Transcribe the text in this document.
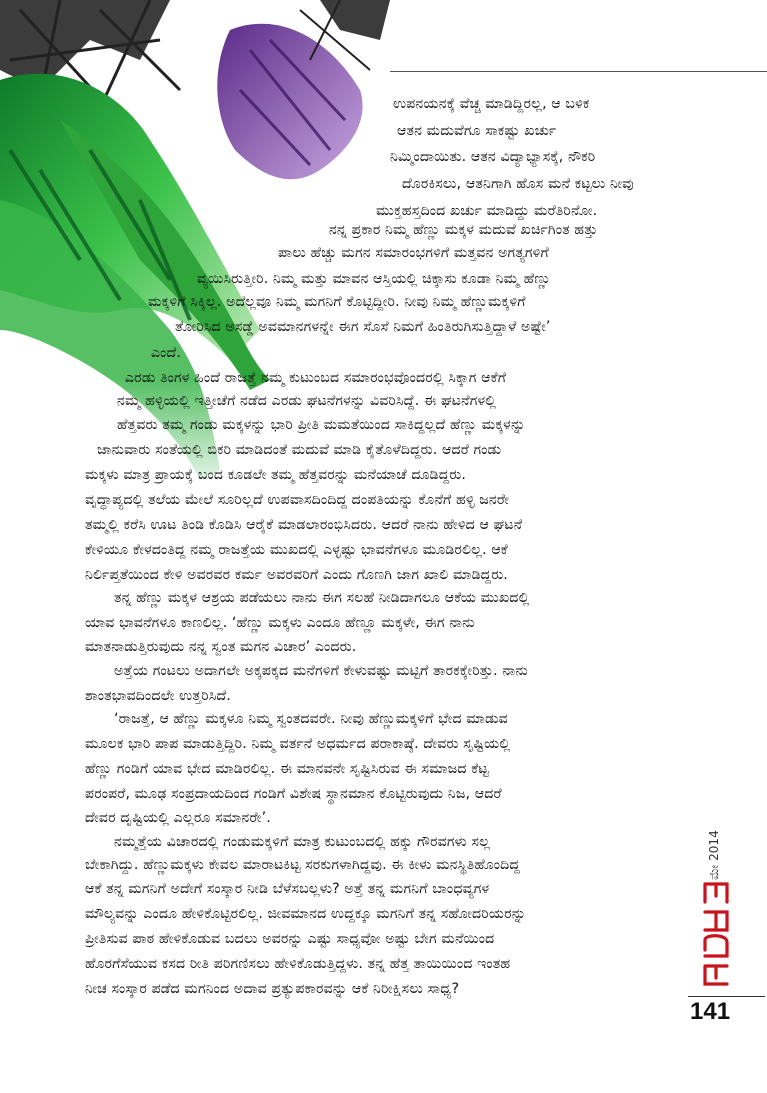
ಉಪನಯನಕ್ಕೆ ವೆಚ್ಚ ಮಾಡಿದ್ದಿರಲ್ಲ, ಆ ಬಳಿಕ
ಆತನ ಮದುವೆಗೂ ಸಾಕಷ್ಟು ಖರ್ಚು
ನಿಮ್ಮಿಂದಾಯಿತು. ಆತನ ವಿದ್ಯಾಭ್ಯಾಸಕ್ಕೆ, ನೌಕರಿ
ದೊರಕಿಸಲು, ಆತನಿಗಾಗಿ ಹೊಸ ಮನೆ ಕಟ್ಟಲು ನೀವು
ಮುಕ್ತಹಸ್ತದಿಂದ ಖರ್ಚು ಮಾಡಿದ್ದು ಮರೆತಿರಿನೋ.
ನನ್ನ ಪ್ರಕಾರ ನಿಮ್ಮ ಹೆಣ್ಣು ಮಕ್ಕಳ ಮದುವೆ ಖರ್ಚಿಗಿಂತ ಹತ್ತು
ಪಾಲು ಹೆಚ್ಚು ಮಗನ ಸಮಾರಂಭಗಳಿಗೆ ಮತ್ತವನ ಅಗತ್ಯಗಳಿಗೆ
ವ್ಯಯಿಸಿರುತ್ತೀರಿ. ನಿಮ್ಮ ಮತ್ತು ಮಾವನ ಆಸ್ತಿಯಲ್ಲಿ ಚಿಕ್ಕಾಸು ಕೂಡಾ ನಿಮ್ಮ ಹೆಣ್ಣು
ಮಕ್ಕಳಿಗೆ ಸಿಕ್ಕಿಲ್ಲ. ಅದೆಲ್ಲವೂ ನಿಮ್ಮ ಮಗನಿಗೆ ಕೊಟ್ಟಿದ್ದೀರಿ. ನೀವು ನಿಮ್ಮ ಹೆಣ್ಣುಮಕ್ಕಳಿಗೆ
ತೋರಿಸಿದ ಅಸಡ್ಡೆ ಅವಮಾನಗಳನ್ನೇ ಈಗ ಸೊಸೆ ನಿಮಗೆ ಹಿಂತಿರುಗಿಸುತ್ತಿದ್ದಾಳೆ ಅಷ್ಟೇ’
ಎಂದೆ.
ಎರಡು ತಿಂಗಳ ಹಿಂದೆ ರಾಜತ್ತೆ ನಮ್ಮ ಕುಟುಂಬದ ಸಮಾರಂಭವೊಂದರಲ್ಲಿ ಸಿಕ್ಕಾಗ ಆಕೆಗೆ
ನಮ್ಮ ಹಳ್ಳಿಯಲ್ಲಿ ಇತ್ತೀಚೆಗೆ ನಡೆದ ಎರಡು ಘಟನೆಗಳನ್ನು ವಿವರಿಸಿದ್ದೆ. ಈ ಘಟನೆಗಳಲ್ಲಿ
ಹೆತ್ತವರು ತಮ್ಮ ಗಂಡು ಮಕ್ಕಳನ್ನು ಭಾರಿ ಪ್ರೀತಿ ಮಮತೆಯಿಂದ ಸಾಕಿದ್ದಲ್ಲದೆ ಹೆಣ್ಣು ಮಕ್ಕಳನ್ನು
ಜಾನುವಾರು ಸಂತೆಯಲ್ಲಿ ಬಿಕರಿ ಮಾಡಿದಂತೆ ಮದುವೆ ಮಾಡಿ ಕೈತೊಳೆದಿದ್ದರು. ಆದರೆ ಗಂಡು
ಮಕ್ಕಳು ಮಾತ್ರ ಪ್ರಾಯಕ್ಕೆ ಬಂದ ಕೂಡಲೇ ತಮ್ಮ ಹೆತ್ತವರನ್ನು ಮನೆಯಾಚೆ ದೂಡಿದ್ದರು.
ವೃದ್ಧಾಪ್ಯದಲ್ಲಿ ತಲೆಯ ಮೇಲೆ ಸೂರಿಲ್ಲದೆ ಉಪವಾಸದಿಂದಿದ್ದ ದಂಪತಿಯನ್ನು ಕೊನೆಗೆ ಹಳ್ಳಿ ಜನರೇ
ತಮ್ಮಲ್ಲಿ ಕರೆಸಿ ಊಟ ತಿಂಡಿ ಕೊಡಿಸಿ ಆರೈಕೆ ಮಾಡಲಾರಂಭಿಸಿದರು. ಆದರೆ ನಾನು ಹೇಳಿದ ಆ ಘಟನೆ
ಕೇಳಿಯೂ ಕೇಳದಂತಿದ್ದ ನಮ್ಮ ರಾಜತ್ತೆಯ ಮುಖದಲ್ಲಿ ಎಳ್ಳಷ್ಟು ಭಾವನೆಗಳೂ ಮೂಡಿರಲಿಲ್ಲ. ಆಕೆ
ನಿರ್ಲಿಪ್ತತೆಯಿಂದ ಕೇಳಿ ಅವರವರ ಕರ್ಮ ಅವರವರಿಗೆ ಎಂದು ಗೊಣಗಿ ಜಾಗ ಖಾಲಿ ಮಾಡಿದ್ದರು.
ತನ್ನ ಹೆಣ್ಣು ಮಕ್ಕಳ ಆಶ್ರಯ ಪಡೆಯಲು ನಾನು ಈಗ ಸಲಹೆ ನೀಡಿದಾಗಲೂ ಆಕೆಯ ಮುಖದಲ್ಲಿ
ಯಾವ ಭಾವನೆಗಳೂ ಕಾಣಲಿಲ್ಲ. ‘ಹೆಣ್ಣು ಮಕ್ಕಳು ಎಂದೂ ಹೆಣ್ಣೂ ಮಕ್ಕಳೇ, ಈಗ ನಾನು
ಮಾತನಾಡುತ್ತಿರುವುದು ನನ್ನ ಸ್ವಂತ ಮಗನ ವಿಚಾರ’ ಎಂದರು.
ಅತ್ತೆಯ ಗಂಟಲು ಅದಾಗಲೇ ಅಕ್ಕಪಕ್ಕದ ಮನೆಗಳಿಗೆ ಕೇಳುವಷ್ಟು ಮಟ್ಟಿಗೆ ತಾರಕಕ್ಕೇರಿತ್ತು. ನಾನು
ಶಾಂತಭಾವದಿಂದಲೇ ಉತ್ತರಿಸಿದೆ.
‘ರಾಜತ್ತೆ, ಆ ಹೆಣ್ಣು ಮಕ್ಕಳೂ ನಿಮ್ಮ ಸ್ವಂತದವರೇ. ನೀವು ಹೆಣ್ಣುಮಕ್ಕಳಿಗೆ ಭೇದ ಮಾಡುವ
ಮೂಲಕ ಭಾರಿ ಪಾಪ ಮಾಡುತ್ತಿದ್ದಿರಿ. ನಿಮ್ಮ ವರ್ತನೆ ಅಧರ್ಮದ ಪರಾಕಾಷ್ಠೆ. ದೇವರು ಸೃಷ್ಟಿಯಲ್ಲಿ
ಹೆಣ್ಣು ಗಂಡಿಗೆ ಯಾವ ಭೇದ ಮಾಡಿರಲಿಲ್ಲ. ಈ ಮಾನವನೇ ಸೃಷ್ಟಿಸಿರುವ ಈ ಸಮಾಜದ ಕೆಟ್ಟ
ಪರಂಪರೆ, ಮೂಢ ಸಂಪ್ರದಾಯದಿಂದ ಗಂಡಿಗೆ ವಿಶೇಷ ಸ್ಥಾನಮಾನ ಕೊಟ್ಟಿರುವುದು ನಿಜ, ಆದರೆ
ದೇವರ ದೃಷ್ಟಿಯಲ್ಲಿ ಎಲ್ಲರೂ ಸಮಾನರೇ’.
ನಮ್ಮತ್ತೆಯ ವಿಚಾರದಲ್ಲಿ ಗಂಡುಮಕ್ಕಳಿಗೆ ಮಾತ್ರ ಕುಟುಂಬದಲ್ಲಿ ಹಕ್ಕು ಗೌರವಗಳು ಸಲ್ಲ
ಬೇಕಾಗಿದ್ದು. ಹೆಣ್ಣುಮಕ್ಕಳು ಕೇವಲ ಮಾರಾಟಕಿಟ್ಟ ಸರಕುಗಳಾಗಿದ್ದವು. ಈ ಕೀಳು ಮನಸ್ಥಿತಿಹೊಂದಿದ್ದ
ಆಕೆ ತನ್ನ ಮಗನಿಗೆ ಅದೇಗೆ ಸಂಸ್ಕಾರ ನೀಡಿ ಬೆಳೆಸಬಲ್ಲಳು? ಅತ್ತೆ ತನ್ನ ಮಗನಿಗೆ ಬಾಂಧವ್ಯಗಳ
ಮೌಲ್ಯವನ್ನು ಎಂದೂ ಹೇಳಿಕೊಟ್ಟಿರಲಿಲ್ಲ. ಜೀವಮಾನದ ಉದ್ದಕ್ಕೂ ಮಗನಿಗೆ ತನ್ನ ಸಹೋದರಿಯರನ್ನು
ಪ್ರೀತಿಸುವ ಪಾಠ ಹೇಳಿಕೊಡುವ ಬದಲು ಅವರನ್ನು ಎಷ್ಟು ಸಾಧ್ಯವೋ ಅಷ್ಟು ಬೇಗ ಮನೆಯಿಂದ
ಹೊರಗೆಸೆಯುವ ಕಸದ ರೀತಿ ಪರಿಗಣಿಸಲು ಹೇಳಿಕೊಡುತ್ತಿದ್ದಳು. ತನ್ನ ಹೆತ್ತ ತಾಯಿಯಿಂದ ಇಂತಹ
ನೀಚ ಸಂಸ್ಕಾರ ಪಡೆದ ಮಗನಿಂದ ಅದಾವ ಪ್ರತ್ಯುಪಕಾರವನ್ನು ಆಕೆ ನಿರೀಕ್ಷಿಸಲು ಸಾಧ್ಯ?
ಮೇ 2014
141
